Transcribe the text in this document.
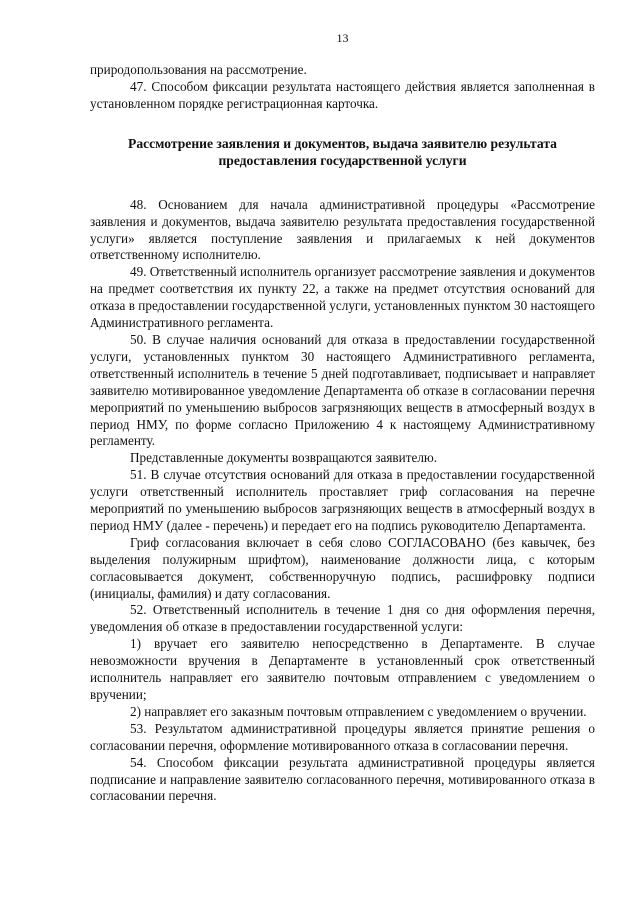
13

природопользования на рассмотрение.

47. Способом фиксации результата настоящего действия является заполненная в установленном порядке регистрационная карточка.

Рассмотрение заявления и документов, выдача заявителю результата
предоставления государственной услуги

48. Основанием для начала административной процедуры «Рассмотрение заявления и документов, выдача заявителю результата предоставления государственной услуги» является поступление заявления и прилагаемых к ней документов ответственному исполнителю.

49. Ответственный исполнитель организует рассмотрение заявления и документов на предмет соответствия их пункту 22, а также на предмет отсутствия оснований для отказа в предоставлении государственной услуги, установленных пунктом 30 настоящего Административного регламента.

50. В случае наличия оснований для отказа в предоставлении государственной услуги, установленных пунктом 30 настоящего Административного регламента, ответственный исполнитель в течение 5 дней подготавливает, подписывает и направляет заявителю мотивированное уведомление Департамента об отказе в согласовании перечня мероприятий по уменьшению выбросов загрязняющих веществ в атмосферный воздух в период НМУ, по форме согласно Приложению 4 к настоящему Административному регламенту.

Представленные документы возвращаются заявителю.

51. В случае отсутствия оснований для отказа в предоставлении государственной услуги ответственный исполнитель проставляет гриф согласования на перечне мероприятий по уменьшению выбросов загрязняющих веществ в атмосферный воздух в период НМУ (далее - перечень) и передает его на подпись руководителю Департамента.

Гриф согласования включает в себя слово СОГЛАСОВАНО (без кавычек, без выделения полужирным шрифтом), наименование должности лица, с которым согласовывается документ, собственноручную подпись, расшифровку подписи (инициалы, фамилия) и дату согласования.

52. Ответственный исполнитель в течение 1 дня со дня оформления перечня, уведомления об отказе в предоставлении государственной услуги:

1) вручает его заявителю непосредственно в Департаменте. В случае невозможности вручения в Департаменте в установленный срок ответственный исполнитель направляет его заявителю почтовым отправлением с уведомлением о вручении;

2) направляет его заказным почтовым отправлением с уведомлением о вручении.

53. Результатом административной процедуры является принятие решения о согласовании перечня, оформление мотивированного отказа в согласовании перечня.

54. Способом фиксации результата административной процедуры является подписание и направление заявителю согласованного перечня, мотивированного отказа в согласовании перечня.
